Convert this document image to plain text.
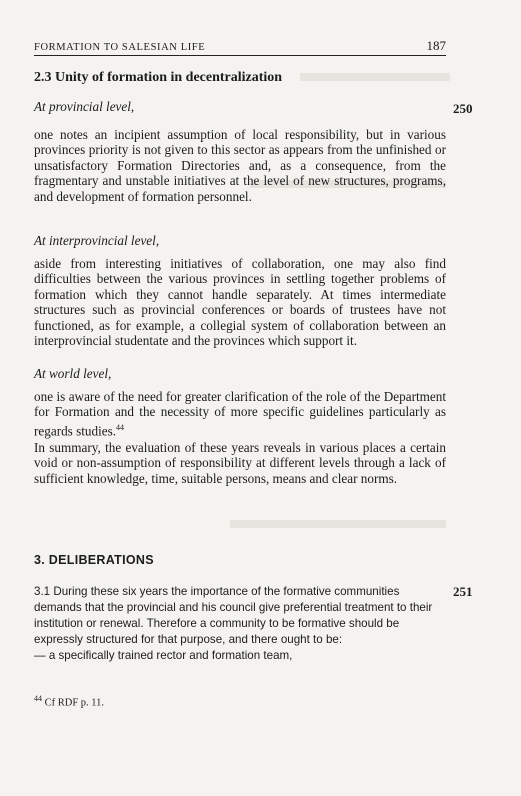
FORMATION TO SALESIAN LIFE	187
2.3 Unity of formation in decentralization
At provincial level,	250
one notes an incipient assumption of local responsibility, but in various provinces priority is not given to this sector as appears from the unfinished or unsatisfactory Formation Directories and, as a consequence, from the fragmentary and unstable initiatives at the level of new structures, programs, and development of formation personnel.
At interprovincial level,
aside from interesting initiatives of collaboration, one may also find difficulties between the various provinces in settling together problems of formation which they cannot handle separately. At times intermediate structures such as provincial conferences or boards of trustees have not functioned, as for example, a collegial system of collaboration between an interprovincial studentate and the provinces which support it.
At world level,
one is aware of the need for greater clarification of the role of the Department for Formation and the necessity of more specific guidelines particularly as regards studies.$^{44}$
In summary, the evaluation of these years reveals in various places a certain void or non-assumption of responsibility at different levels through a lack of sufficient knowledge, time, suitable persons, means and clear norms.
3. DELIBERATIONS
251
3.1 During these six years the importance of the formative communities demands that the provincial and his council give preferential treatment to their institution or renewal. Therefore a community to be formative should be expressly structured for that purpose, and there ought to be:
— a specifically trained rector and formation team,
$^{44}$ Cf RDF p. 11.
